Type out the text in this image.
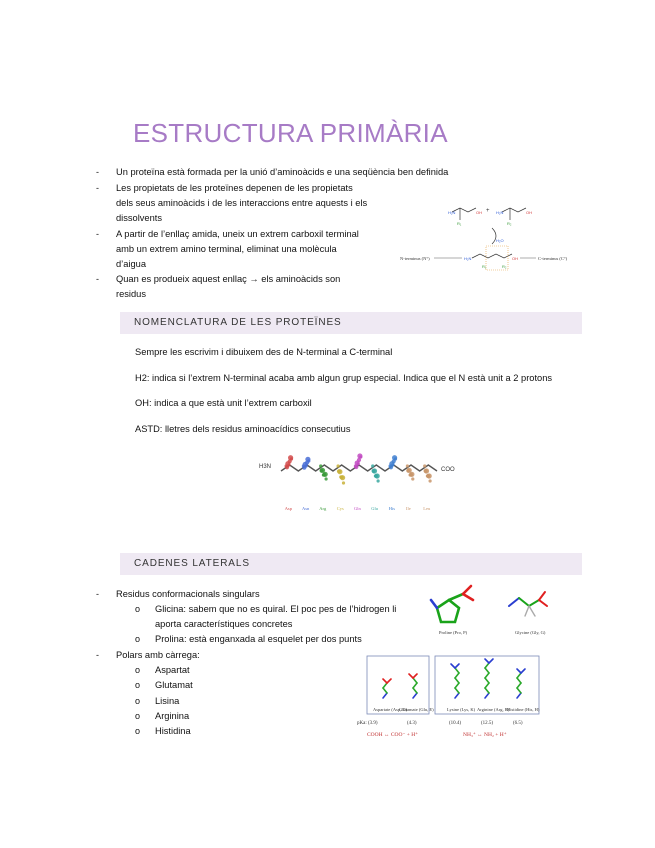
ESTRUCTURA PRIMÀRIA
- Un proteïna està formada per la unió d’aminoàcids e una seqüència ben definida
- Les propietats de les proteïnes depenen de les propietats
dels seus aminoàcids i de les interaccions entre aquests i els
dissolvents
- A partir de l’enllaç amida, uneix un extrem carboxil terminal
amb un extrem amino terminal, eliminat una molècula
d’aigua
- Quan es produeix aquest enllaç → els aminoàcids son
residus
H₂N	OH + H₂N	OH
R₁	R₂
H₂O
H₂N	OH
R₁	R₂
N-terminus (N°)	C-terminus (C°)
NOMENCLATURA DE LES PROTEÏNES
Sempre les escrivim i dibuixem des de N-terminal a C-terminal
H2: indica si l’extrem N-terminal acaba amb algun grup especial. Indica que el N està unit a 2 protons
OH: indica a que està unit l’extrem carboxil
ASTD: lletres dels residus aminoacídics consecutius
H3N	COO
Asp Asn Arg Cys Gln Glu His Ile	Leu
CADENES LATERALS
- Residus conformacionals singulars
o Glicina: sabem que no es quiral. El poc pes de l’hidrogen li
aporta característiques concretes
o Prolina: està enganxada al esquelet per dos punts
- Polars amb càrrega:
o Aspartat
o Glutamat
o Lisina
o Arginina
o Histidina
Proline (Pro, P)	Glycine (Gly, G)
Aspartate (Asp, D)
Glutamate (Glu, E)	Lysine (Lys, K) Arginine (Arg, R)
Histidine (His, H)
pKa: (3.9)	(4.3)	(10.4)	(12.5)	(6.5)
COOH ↔ COO⁻ + H⁺	NH₃⁺ ↔ NH₂ + H⁺
